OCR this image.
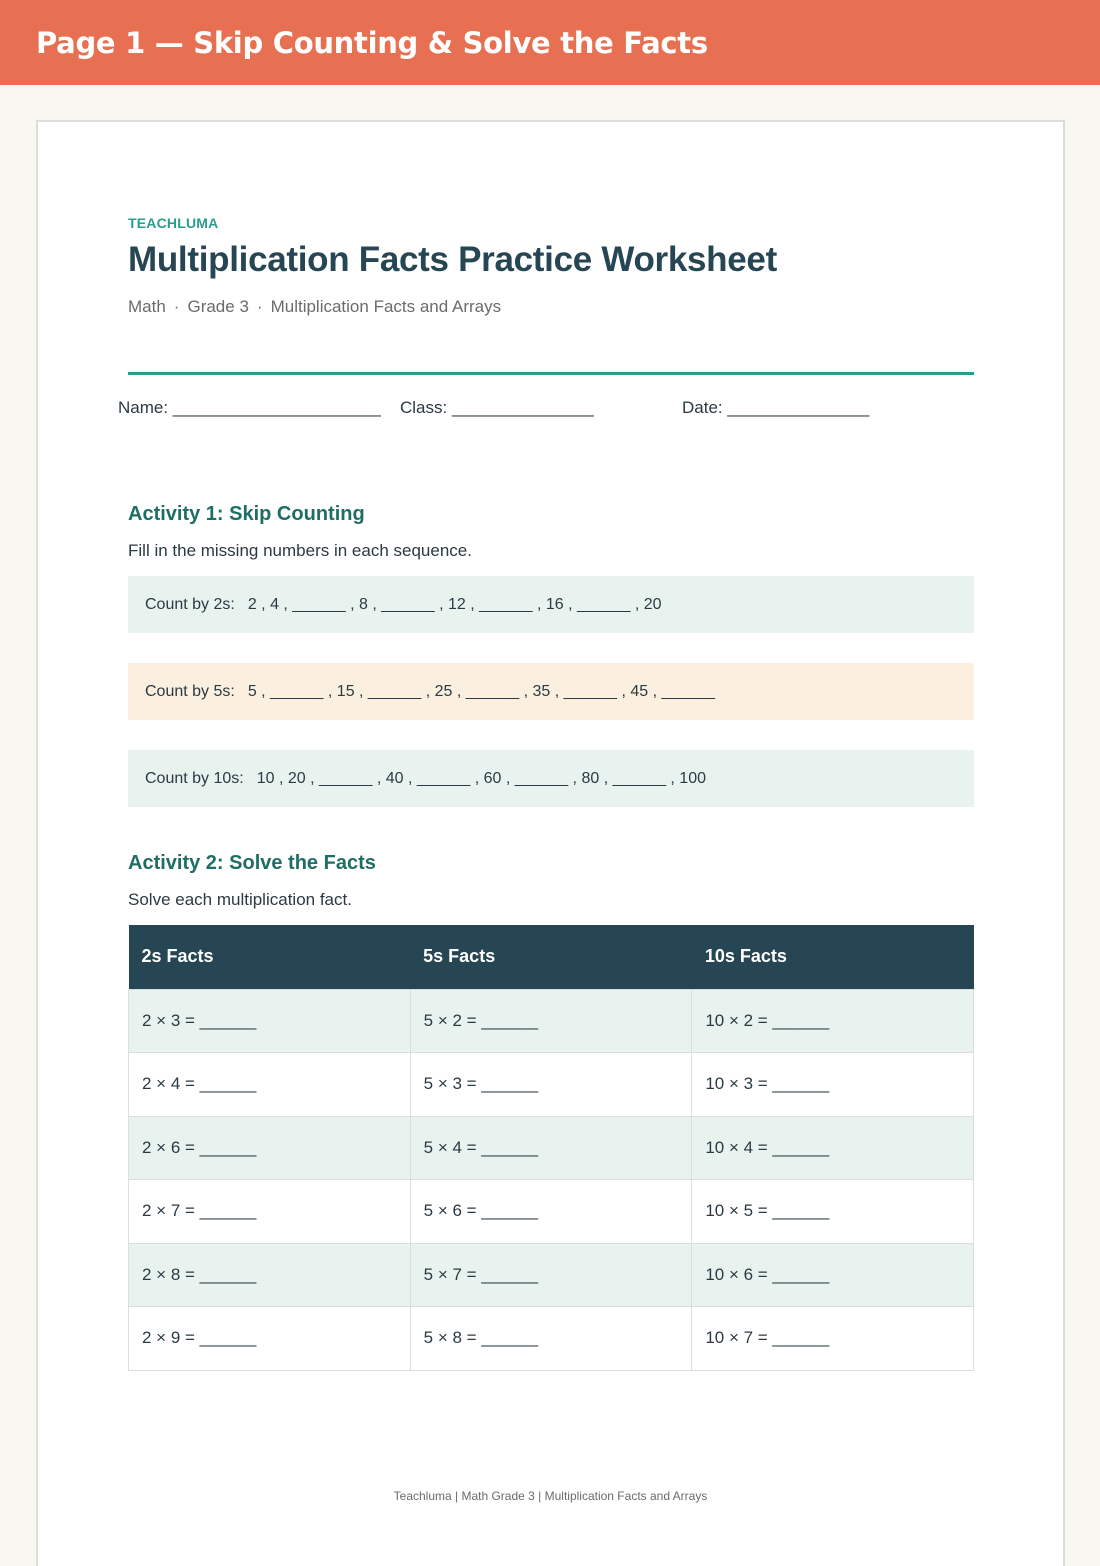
Page 1 — Skip Counting & Solve the Facts
TEACHLUMA
Multiplication Facts Practice Worksheet
Math · Grade 3 · Multiplication Facts and Arrays
Name: ______________________ Class: _______________	Date: _______________
Activity 1: Skip Counting
Fill in the missing numbers in each sequence.
Count by 2s: 2 , 4 , ______ , 8 , ______ , 12 , ______ , 16 , ______ , 20
Count by 5s: 5 , ______ , 15 , ______ , 25 , ______ , 35 , ______ , 45 , ______
Count by 10s: 10 , 20 , ______ , 40 , ______ , 60 , ______ , 80 , ______ , 100
Activity 2: Solve the Facts
Solve each multiplication fact.
2s Facts	5s Facts	10s Facts
2 × 3 = ______	5 × 2 = ______	10 × 2 = ______
2 × 4 = ______	5 × 3 = ______	10 × 3 = ______
2 × 6 = ______	5 × 4 = ______	10 × 4 = ______
2 × 7 = ______	5 × 6 = ______	10 × 5 = ______
2 × 8 = ______	5 × 7 = ______	10 × 6 = ______
2 × 9 = ______	5 × 8 = ______	10 × 7 = ______
Teachluma | Math Grade 3 | Multiplication Facts and Arrays
